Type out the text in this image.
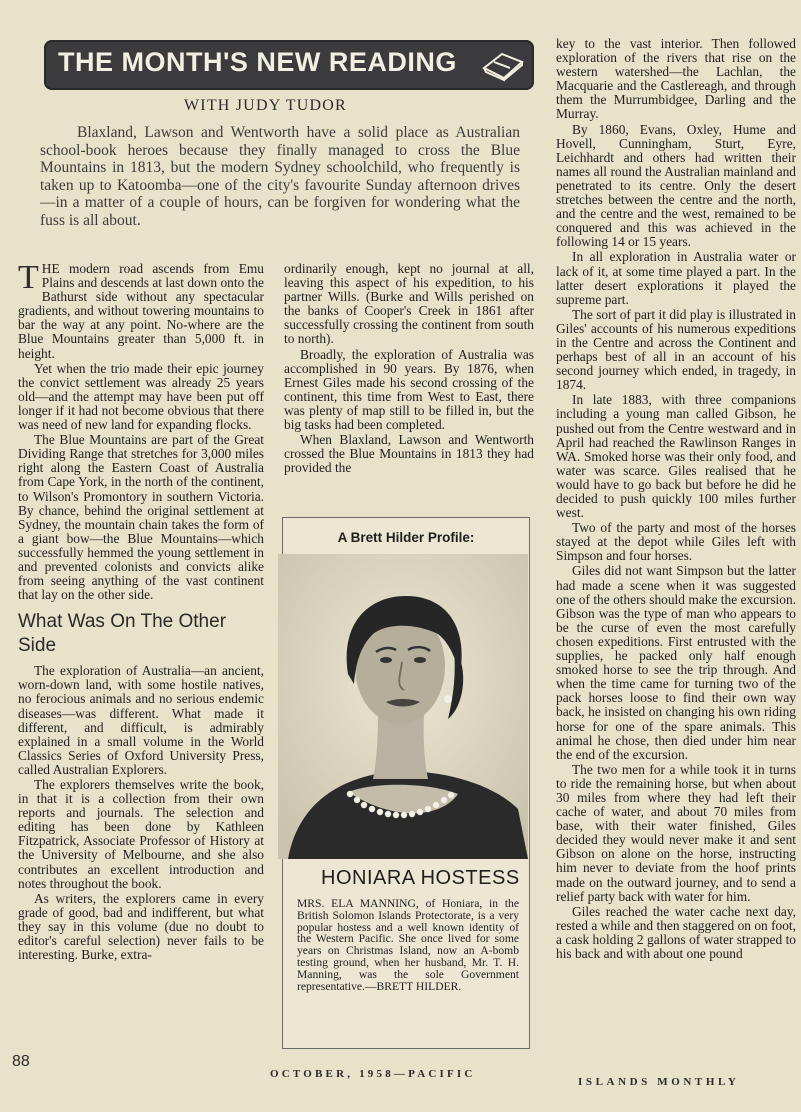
THE MONTH'S NEW READING
WITH JUDY TUDOR

Blaxland, Lawson and Wentworth have a solid place as Australian school-book heroes because they finally managed to cross the Blue Mountains in 1813, but the modern Sydney schoolchild, who frequently is taken up to Katoomba—one of the city's favourite Sunday afternoon drives—in a matter of a couple of hours, can be forgiven for wondering what the fuss is all about.

THE modern road ascends from Emu Plains and descends at last down onto the Bathurst side without any spectacular gradients, and without towering mountains to bar the way at any point. No-where are the Blue Mountains greater than 5,000 ft. in height.

Yet when the trio made their epic journey the convict settlement was already 25 years old—and the attempt may have been put off longer if it had not become obvious that there was need of new land for expanding flocks.

The Blue Mountains are part of the Great Dividing Range that stretches for 3,000 miles right along the Eastern Coast of Australia from Cape York, in the north of the continent, to Wilson's Promontory in southern Victoria. By chance, behind the original settlement at Sydney, the mountain chain takes the form of a giant bow—the Blue Mountains—which successfully hemmed the young settlement in and prevented colonists and convicts alike from seeing anything of the vast continent that lay on the other side.

What Was On The Other Side

The exploration of Australia—an ancient, worn-down land, with some hostile natives, no ferocious animals and no serious endemic diseases—was different. What made it different, and difficult, is admirably explained in a small volume in the World Classics Series of Oxford University Press, called Australian Explorers.

The explorers themselves write the book, in that it is a collection from their own reports and journals. The selection and editing has been done by Kathleen Fitzpatrick, Associate Professor of History at the University of Melbourne, and she also contributes an excellent introduction and notes throughout the book.

As writers, the explorers came in every grade of good, bad and indifferent, but what they say in this volume (due no doubt to editor's careful selection) never fails to be interesting. Burke, extra-

ordinarily enough, kept no journal at all, leaving this aspect of his expedition, to his partner Wills. (Burke and Wills perished on the banks of Cooper's Creek in 1861 after successfully crossing the continent from south to north).

Broadly, the exploration of Australia was accomplished in 90 years. By 1876, when Ernest Giles made his second crossing of the continent, this time from West to East, there was plenty of map still to be filled in, but the big tasks had been completed.

When Blaxland, Lawson and Wentworth crossed the Blue Mountains in 1813 they had provided the

A Brett Hilder Profile:
HONIARA HOSTESS
MRS. ELA MANNING, of Honiara, in the British Solomon Islands Protectorate, is a very popular hostess and a well known identity of the Western Pacific. She once lived for some years on Christmas Island, now an A-bomb testing ground, when her husband, Mr. T. H. Manning, was the sole Government representative.—BRETT HILDER.

key to the vast interior. Then followed exploration of the rivers that rise on the western watershed—the Lachlan, the Macquarie and the Castlereagh, and through them the Murrumbidgee, Darling and the Murray.

By 1860, Evans, Oxley, Hume and Hovell, Cunningham, Sturt, Eyre, Leichhardt and others had written their names all round the Australian mainland and penetrated to its centre. Only the desert stretches between the centre and the north, and the centre and the west, remained to be conquered and this was achieved in the following 14 or 15 years.

In all exploration in Australia water or lack of it, at some time played a part. In the latter desert explorations it played the supreme part.

The sort of part it did play is illustrated in Giles' accounts of his numerous expeditions in the Centre and across the Continent and perhaps best of all in an account of his second journey which ended, in tragedy, in 1874.

In late 1883, with three companions including a young man called Gibson, he pushed out from the Centre westward and in April had reached the Rawlinson Ranges in WA. Smoked horse was their only food, and water was scarce. Giles realised that he would have to go back but before he did he decided to push quickly 100 miles further west.

Two of the party and most of the horses stayed at the depot while Giles left with Simpson and four horses.

Giles did not want Simpson but the latter had made a scene when it was suggested one of the others should make the excursion. Gibson was the type of man who appears to be the curse of even the most carefully chosen expeditions. First entrusted with the supplies, he packed only half enough smoked horse to see the trip through. And when the time came for turning two of the pack horses loose to find their own way back, he insisted on changing his own riding horse for one of the spare animals. This animal he chose, then died under him near the end of the excursion.

The two men for a while took it in turns to ride the remaining horse, but when about 30 miles from where they had left their cache of water, and about 70 miles from base, with their water finished, Giles decided they would never make it and sent Gibson on alone on the horse, instructing him never to deviate from the hoof prints made on the outward journey, and to send a relief party back with water for him.

Giles reached the water cache next day, rested a while and then staggered on on foot, a cask holding 2 gallons of water strapped to his back and with about one pound

88
OCTOBER, 1958—PACIFIC
ISLANDS MONTHLY
